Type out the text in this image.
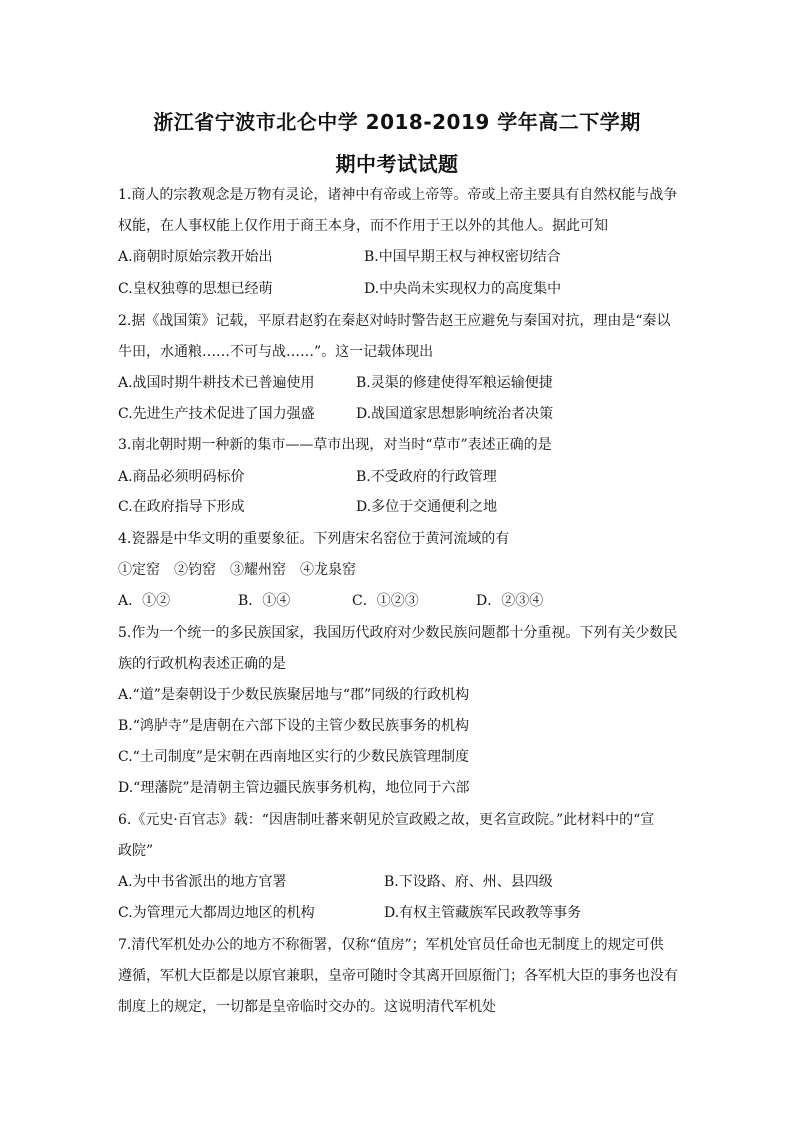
浙江省宁波市北仑中学 2018-2019 学年高二下学期
期中考试试题
1.商人的宗教观念是万物有灵论，诸神中有帝或上帝等。帝或上帝主要具有自然权能与战争
权能，在人事权能上仅作用于商王本身，而不作用于王以外的其他人。据此可知
A.商朝时原始宗教开始出	B.中国早期王权与神权密切结合
C.皇权独尊的思想已经萌	D.中央尚未实现权力的高度集中
2.据《战国策》记载，平原君赵豹在秦赵对峙时警告赵王应避免与秦国对抗，理由是“秦以
牛田，水通粮……不可与战……”。这一记载体现出
A.战国时期牛耕技术已普遍使用	B.灵渠的修建使得军粮运输便捷
C.先进生产技术促进了国力强盛	D.战国道家思想影响统治者决策
3.南北朝时期一种新的集市——草市出现，对当时“草市”表述正确的是
A.商品必须明码标价	B.不受政府的行政管理
C.在政府指导下形成	D.多位于交通便利之地
4.瓷器是中华文明的重要象征。下列唐宋名窑位于黄河流域的有
①定窑　②钧窑　③耀州窑　④龙泉窑
A．①②	B．①④	C．①②③	D．②③④
5.作为一个统一的多民族国家，我国历代政府对少数民族问题都十分重视。下列有关少数民
族的行政机构表述正确的是
A.“道”是秦朝设于少数民族聚居地与“郡”同级的行政机构
B.“鸿胪寺”是唐朝在六部下设的主管少数民族事务的机构
C.“土司制度”是宋朝在西南地区实行的少数民族管理制度
D.“理藩院”是清朝主管边疆民族事务机构，地位同于六部
6.《元史·百官志》载：“因唐制吐蕃来朝见於宣政殿之故，更名宣政院。”此材料中的“宣
政院”
A.为中书省派出的地方官署	B.下设路、府、州、县四级
C.为管理元大都周边地区的机构	D.有权主管藏族军民政教等事务
7.清代军机处办公的地方不称衙署，仅称“值房”；军机处官员任命也无制度上的规定可供
遵循，军机大臣都是以原官兼职，皇帝可随时令其离开回原衙门；各军机大臣的事务也没有
制度上的规定，一切都是皇帝临时交办的。这说明清代军机处
